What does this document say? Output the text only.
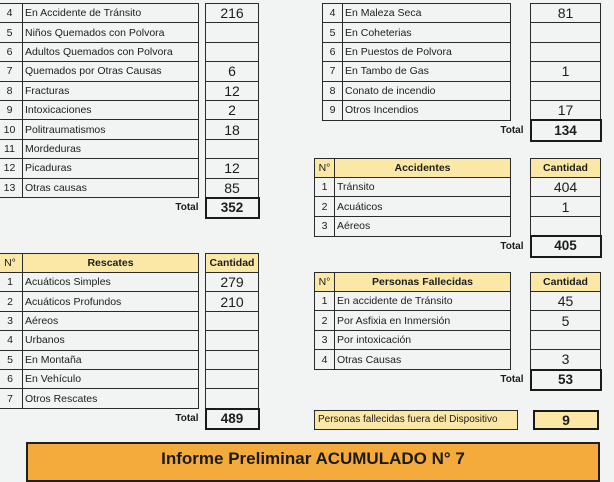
4	En Accidente de Tránsito		216
5	Niños Quemados con Polvora		
6	Adultos Quemados con Polvora		
7	Quemados por Otras Causas		6
8	Fracturas		12
9	Intoxicaciones		2
10	Politraumatismos		18
11	Mordeduras		
12	Picaduras		12
13	Otras causas		85
	Total		352
4	En Maleza Seca		81
5	En Coheterias		
6	En Puestos de Polvora		
7	En Tambo de Gas		1
8	Conato de incendio		
9	Otros Incendios		17
	Total		134
N°	Accidentes		Cantidad
1	Tránsito		404
2	Acuáticos		1
3	Aéreos		
	Total		405
N°	Rescates		Cantidad
1	Acuáticos Simples		279
2	Acuáticos Profundos		210
3	Aéreos		
4	Urbanos		
5	En Montaña		
6	En Vehículo		
7	Otros Rescates		
	Total		489
N°	Personas Fallecidas		Cantidad
1	En accidente de Tránsito		45
2	Por Asfixia en Inmersión		5
3	Por intoxicación		
4	Otras Causas		3
	Total		53
Personas fallecidas fuera del Dispositivo	9
Informe Preliminar ACUMULADO N° 7
